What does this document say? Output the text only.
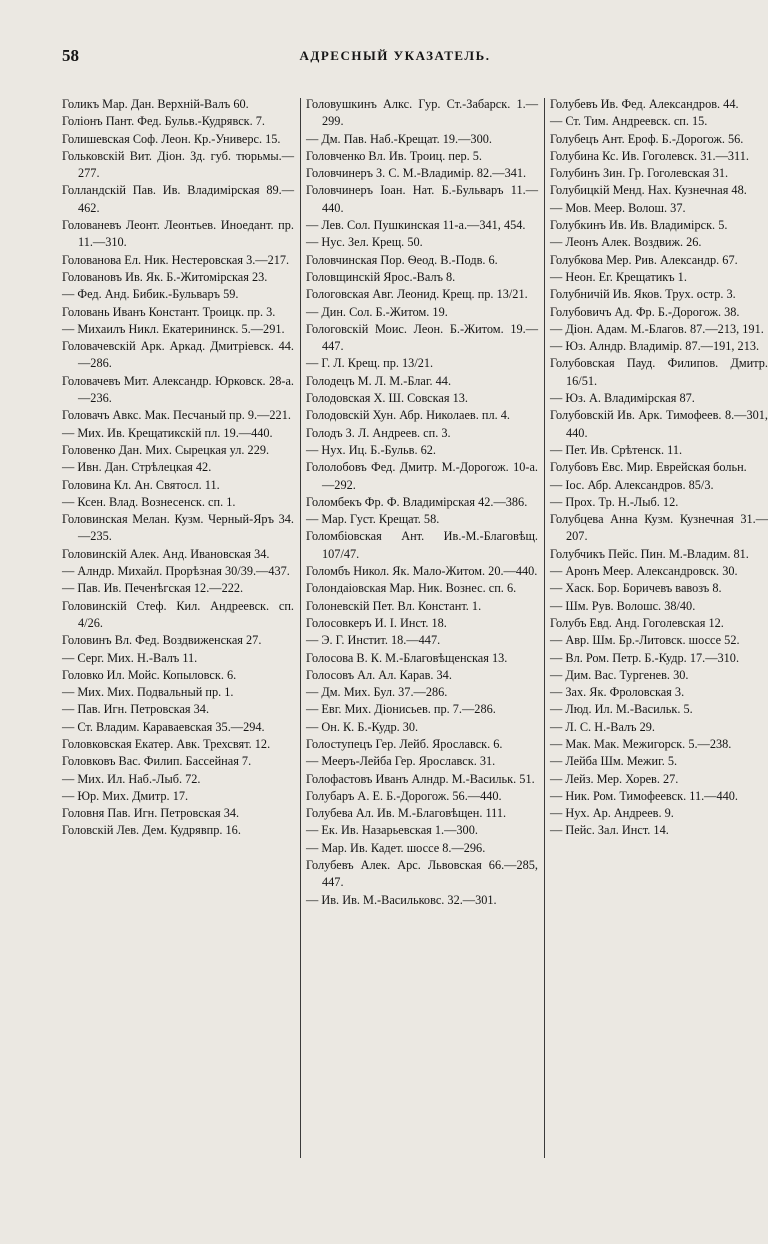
58	АДРЕСНЫЙ УКАЗАТЕЛЬ.
Голикъ Мар. Дан. Верхній-Валъ 60.
Голіонъ Пант. Фед. Бульв.-Кудрявск. 7.
Голишевская Соф. Леон. Кр.-Универс. 15.
Гольковскій Вит. Діон. Зд. губ. тюрьмы.—277.
Голландскій Пав. Ив. Владимірская 89.—462.
Голованевъ Леонт. Леонтьев. Иноедант. пр. 11.—310.
Голованова Ел. Ник. Нестеровская 3.—217.
Головановъ Ив. Як. Б.-Житомірская 23.
— Фед. Анд. Бибик.-Бульваръ 59.
Головань Иванъ Констант. Троицк. пр. 3.
— Михаилъ Никл. Екатерининск. 5.—291.
Головачевскій Арк. Аркад. Дмитріевск. 44.—286.
Головачевъ Мит. Александр. Юрковск. 28-а.—236.
Головачъ Авкс. Мак. Песчаный пр. 9.—221.
— Мих. Ив. Крещатикскій пл. 19.—440.
Головенко Дан. Мих. Сырецкая ул. 229.
— Ивн. Дан. Стрѣлецкая 42.
Головина Кл. Ан. Святосл. 11.
— Ксен. Влад. Вознесенск. сп. 1.
Головинская Мелан. Кузм. Черный-Яръ 34.—235.
Головинскій Алек. Анд. Ивановская 34.
— Алндр. Михайл. Прорѣзная 30/39.—437.
— Пав. Ив. Печенѣгская 12.—222.
Головинскій Стеф. Кил. Андреевск. сп. 4/26.
Головинъ Вл. Фед. Воздвиженская 27.
— Серг. Мих. Н.-Валъ 11.
Головко Ил. Мойс. Копыловск. 6.
— Мих. Мих. Подвальный пр. 1.
— Пав. Игн. Петровская 34.
— Ст. Владим. Караваевская 35.—294.
Головковская Екатер. Авк. Трехсвят. 12.
Головковъ Вас. Филип. Бассейная 7.
— Мих. Ил. Наб.-Лыб. 72.
— Юр. Мих. Дмитр. 17.
Головня Пав. Игн. Петровская 34.
Головскій Лев. Дем. Кудрявпр. 16.
Головушкинъ Алкс. Гур. Ст.-Забарск. 1.—299.
— Дм. Пав. Наб.-Крещат. 19.—300.
Головченко Вл. Ив. Троиц. пер. 5.
Головчинеръ З. С. М.-Владимір. 82.—341.
Головчинеръ Іоан. Нат. Б.-Бульваръ 11.—440.
— Лев. Сол. Пушкинская 11-а.—341, 454.
— Нус. Зел. Крещ. 50.
Головчинская Пор. Ѳеод. В.-Подв. 6.
Головщинскій Ярос.-Валъ 8.
Гологовская Авг. Леонид. Крещ. пр. 13/21.
— Дин. Сол. Б.-Житом. 19.
Гологовскій Моис. Леон. Б.-Житом. 19.—447.
— Г. Л. Крещ. пр. 13/21.
Голодецъ М. Л. М.-Благ. 44.
Голодовская Х. Ш. Совская 13.
Голодовскій Хун. Абр. Николаев. пл. 4.
Голодъ З. Л. Андреев. сп. 3.
— Нух. Иц. Б.-Бульв. 62.
Гололобовъ Фед. Дмитр. М.-Дорогож. 10-а.—292.
Голомбекъ Фр. Ф. Владимірская 42.—386.
— Мар. Густ. Крещат. 58.
Голомбіовская Ант. Ив.-М.-Благовѣщ. 107/47.
Голомбъ Никол. Як. Мало-Житом. 20.—440.
Голондаіовская Мар. Ник. Вознес. сп. 6.
Голоневскій Пет. Вл. Констант. 1.
Голосовкеръ И. І. Инст. 18.
— Э. Г. Инстит. 18.—447.
Голосова В. К. М.-Благовѣщенская 13.
Голосовъ Ал. Ал. Карав. 34.
— Дм. Мих. Бул. 37.—286.
— Евг. Мих. Діонисьев. пр. 7.—286.
— Он. К. Б.-Кудр. 30.
Голоступецъ Гер. Лейб. Ярославск. 6.
— Мееръ-Лейба Гер. Ярославск. 31.
Голофастовъ Иванъ Алндр. М.-Васильк. 51.
Голубаръ А. Е. Б.-Дорогож. 56.—440.
Голубева Ал. Ив. М.-Благовѣщен. 111.
— Ек. Ив. Назарьевская 1.—300.
— Мар. Ив. Кадет. шоссе 8.—296.
Голубевъ Алек. Арс. Львовская 66.—285, 447.
— Ив. Ив. М.-Васильковс. 32.—301.
Голубевъ Ив. Фед. Александров. 44.
— Ст. Тим. Андреевск. сп. 15.
Голубецъ Ант. Ероф. Б.-Дорогож. 56.
Голубина Кс. Ив. Гоголевск. 31.—311.
Голубинъ Зин. Гр. Гоголевская 31.
Голубицкій Менд. Нах. Кузнечная 48.
— Мов. Меер. Волош. 37.
Голубкинъ Ив. Ив. Владимірск. 5.
— Леонъ Алек. Воздвиж. 26.
Голубкова Мер. Рив. Александр. 67.
— Неон. Ег. Крещатикъ 1.
Голубничій Ив. Яков. Трух. остр. 3.
Голубовичъ Ад. Фр. Б.-Дорогож. 38.
— Діон. Адам. М.-Благов. 87.—213, 191.
— Юз. Алндр. Владимір. 87.—191, 213.
Голубовская Пауд. Филипов. Дмитр. 16/51.
— Юз. А. Владимірская 87.
Голубовскій Ив. Арк. Тимофеев. 8.—301, 440.
— Пет. Ив. Срѣтенск. 11.
Голубовъ Евс. Мир. Еврейская больн.
— Іос. Абр. Александров. 85/3.
— Прох. Тр. Н.-Лыб. 12.
Голубцева Анна Кузм. Кузнечная 31.—207.
Голубчикъ Пейс. Пин. М.-Владим. 81.
— Аронъ Меер. Александровск. 30.
— Хаск. Бор. Боричевъ вавозъ 8.
— Шм. Рув. Волошс. 38/40.
Голубъ Евд. Анд. Гоголевская 12.
— Авр. Шм. Бр.-Литовск. шоссе 52.
— Вл. Ром. Петр. Б.-Кудр. 17.—310.
— Дим. Вас. Тургенев. 30.
— Зах. Як. Фроловская 3.
— Люд. Ил. М.-Васильк. 5.
— Л. С. Н.-Валъ 29.
— Мак. Мак. Межигорск. 5.—238.
— Лейба Шм. Межиг. 5.
— Лейз. Мер. Хорев. 27.
— Ник. Ром. Тимофеевск. 11.—440.
— Нух. Ар. Андреев. 9.
— Пейс. Зал. Инст. 14.
